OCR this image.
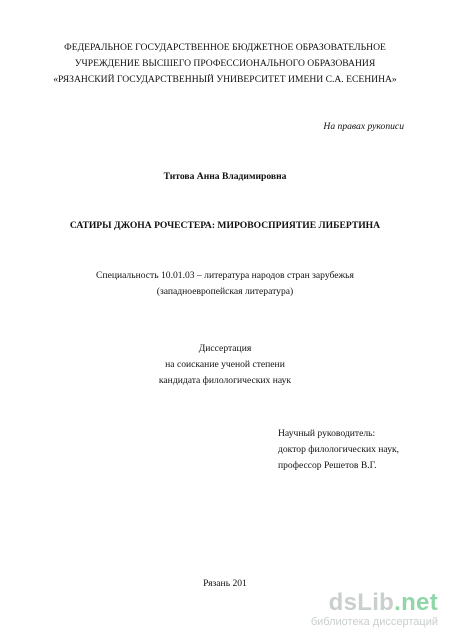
ФЕДЕРАЛЬНОЕ ГОСУДАРСТВЕННОЕ БЮДЖЕТНОЕ ОБРАЗОВАТЕЛЬНОЕ
УЧРЕЖДЕНИЕ ВЫСШЕГО ПРОФЕССИОНАЛЬНОГО ОБРАЗОВАНИЯ
«РЯЗАНСКИЙ ГОСУДАРСТВЕННЫЙ УНИВЕРСИТЕТ ИМЕНИ С.А. ЕСЕНИНА»
На правах рукописи
Титова Анна Владимировна
САТИРЫ ДЖОНА РОЧЕСТЕРА: МИРОВОСПРИЯТИЕ ЛИБЕРТИНА
Специальность 10.01.03 – литература народов стран зарубежья
(западноевропейская литература)
Диссертация
на соискание ученой степени
кандидата филологических наук
Научный руководитель:
доктор филологических наук,
профессор Решетов В.Г.
Рязань 201
dsLib.net
библиотека диссертаций
